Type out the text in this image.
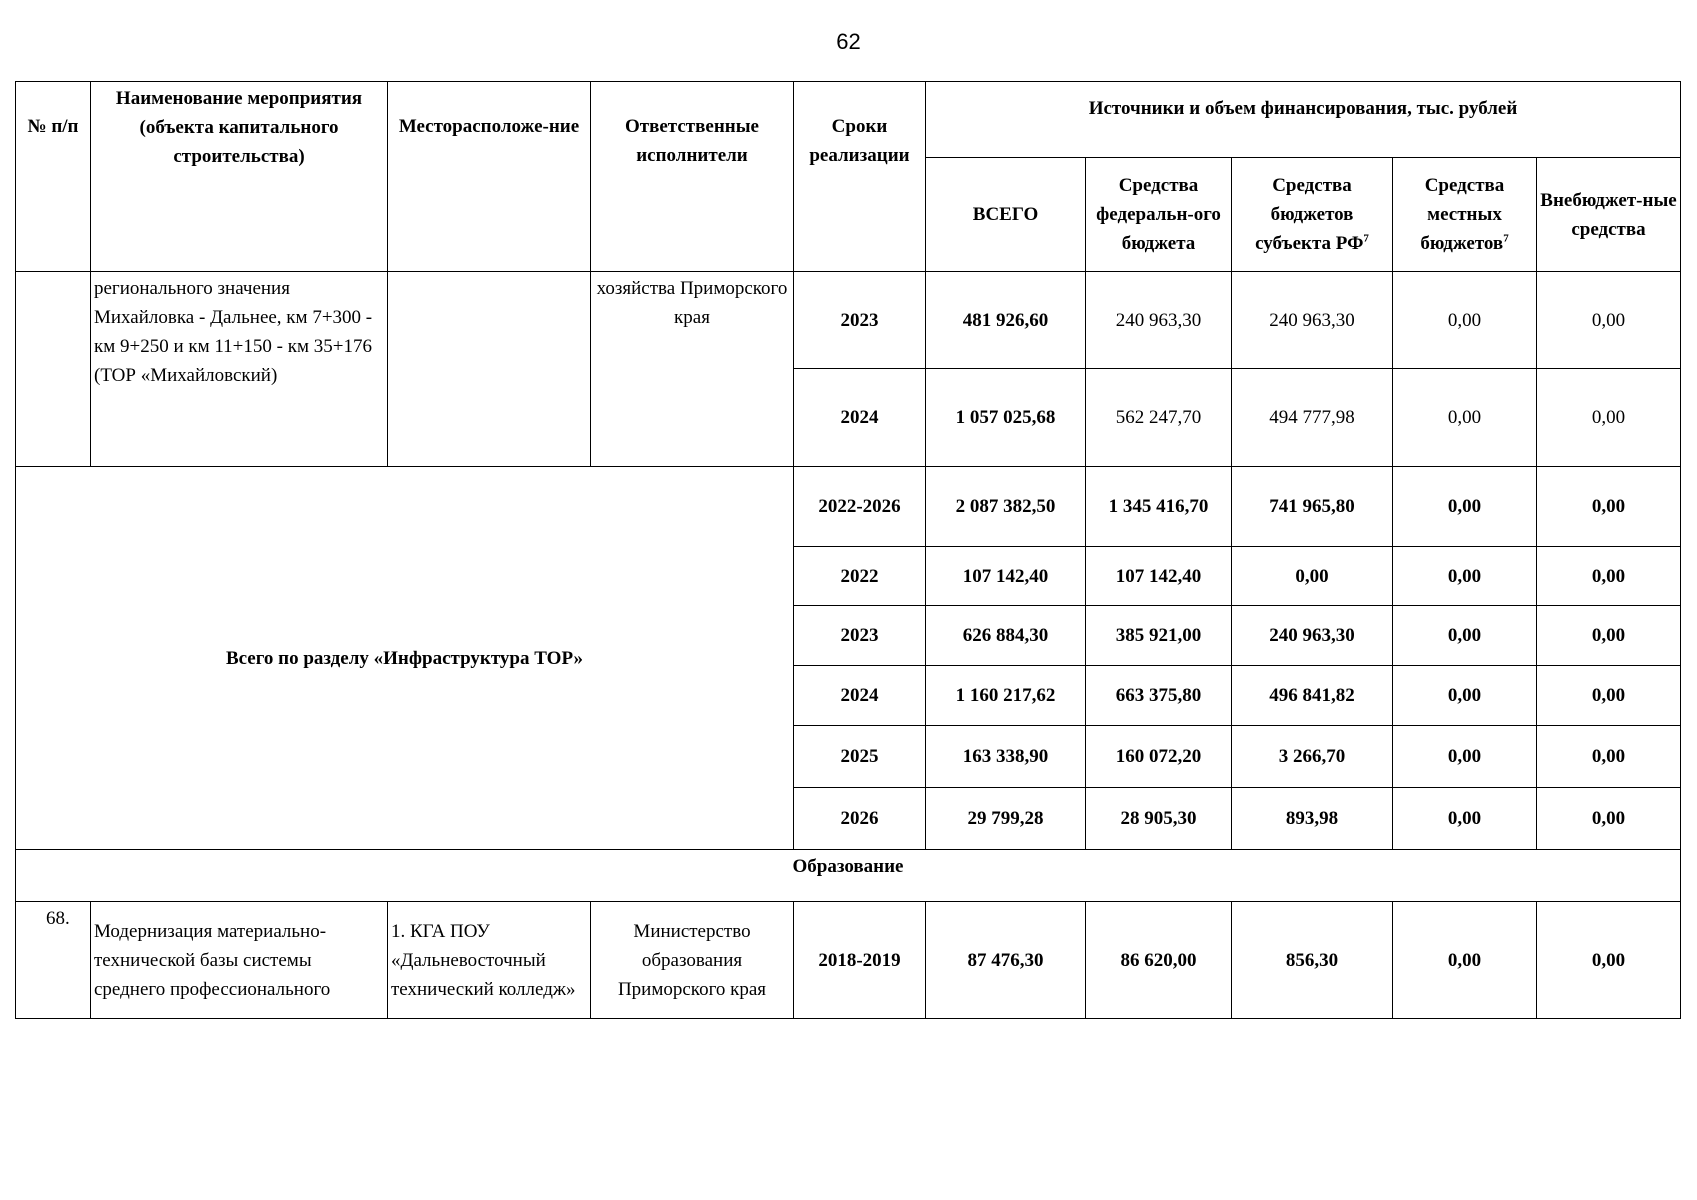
62
№ п/п	Наименование мероприятия (объекта капитального строительства)	Месторасположе-ние	Ответственные исполнители	Сроки реализации	Источники и объем финансирования, тыс. рублей				
					ВСЕГО	Средства федеральн-ого бюджета	Средства бюджетов субъекта $РФ^7$	Средства местных бюджетов$^7$	Внебюджет-ные средства
	регионального значения Михайловка - Дальнее, км 7+300 - км 9+250 и км 11+150 - км 35+176 (ТОР «Михайловский)		хозяйства Приморского края	2023	481 926,60	240 963,30	240 963,30	0,00	0,00
				2024	1 057 025,68	562 247,70	494 777,98	0,00	0,00
Всего по разделу «Инфраструктура ТОР»				2022-2026	2 087 382,50	1 345 416,70	741 965,80	0,00	0,00
				2022	107 142,40	107 142,40	0,00	0,00	0,00
				2023	626 884,30	385 921,00	240 963,30	0,00	0,00
				2024	1 160 217,62	663 375,80	496 841,82	0,00	0,00
				2025	163 338,90	160 072,20	3 266,70	0,00	0,00
				2026	29 799,28	28 905,30	893,98	0,00	0,00
Образование									
68.	Модернизация материально-технической базы системы среднего профессионального	1. КГА ПОУ «Дальневосточный технический колледж»	Министерство образования Приморского края	2018-2019	87 476,30	86 620,00	856,30	0,00	0,00
